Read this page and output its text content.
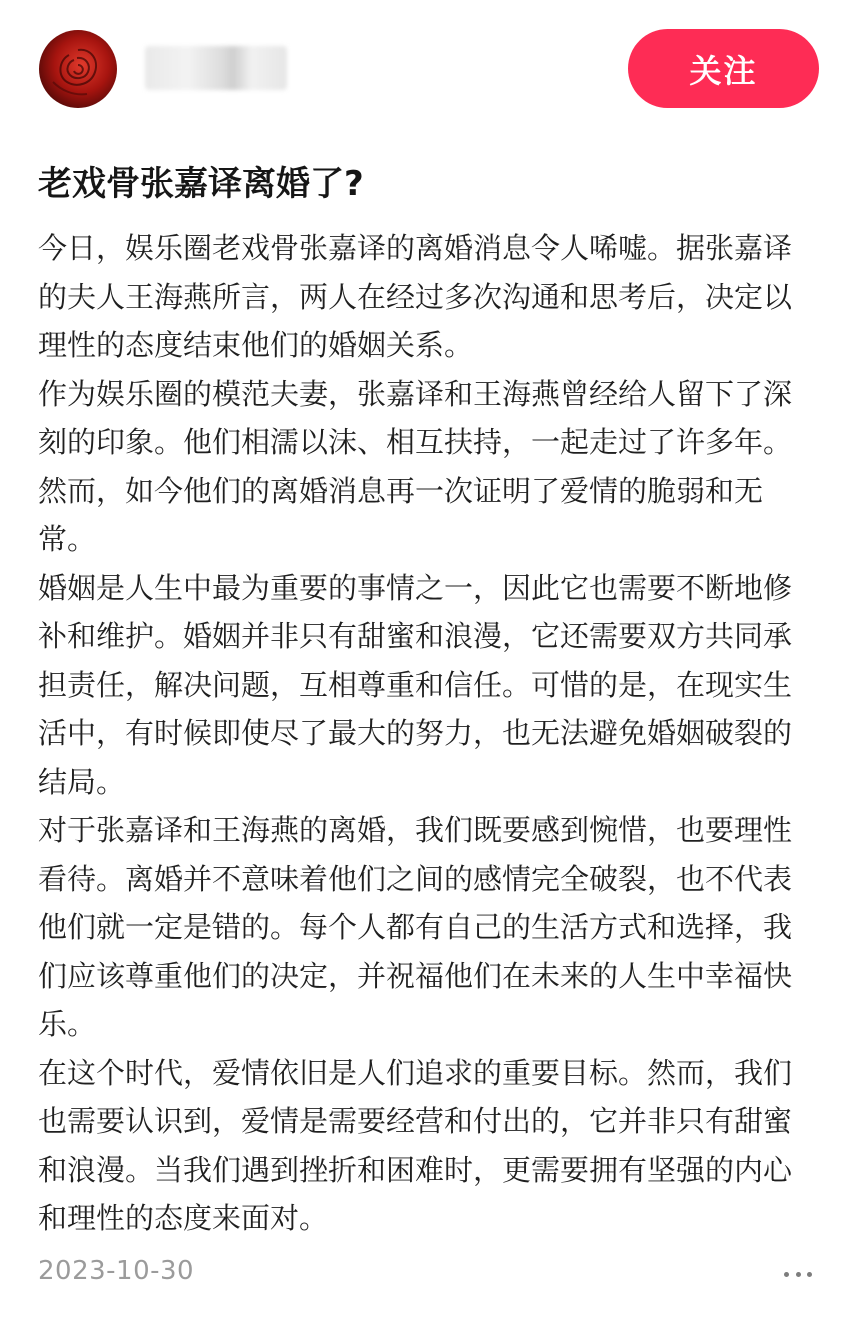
关注
老戏骨张嘉译离婚了?

今日，娱乐圈老戏骨张嘉译的离婚消息令人唏嘘。据张嘉译的夫人王海燕所言，两人在经过多次沟通和思考后，决定以理性的态度结束他们的婚姻关系。

作为娱乐圈的模范夫妻，张嘉译和王海燕曾经给人留下了深刻的印象。他们相濡以沫、相互扶持，一起走过了许多年。然而，如今他们的离婚消息再一次证明了爱情的脆弱和无常。

婚姻是人生中最为重要的事情之一，因此它也需要不断地修补和维护。婚姻并非只有甜蜜和浪漫，它还需要双方共同承担责任，解决问题，互相尊重和信任。可惜的是，在现实生活中，有时候即使尽了最大的努力，也无法避免婚姻破裂的结局。

对于张嘉译和王海燕的离婚，我们既要感到惋惜，也要理性看待。离婚并不意味着他们之间的感情完全破裂，也不代表他们就一定是错的。每个人都有自己的生活方式和选择，我们应该尊重他们的决定，并祝福他们在未来的人生中幸福快乐。

在这个时代，爱情依旧是人们追求的重要目标。然而，我们也需要认识到，爱情是需要经营和付出的，它并非只有甜蜜和浪漫。当我们遇到挫折和困难时，更需要拥有坚强的内心和理性的态度来面对。

2023-10-30
